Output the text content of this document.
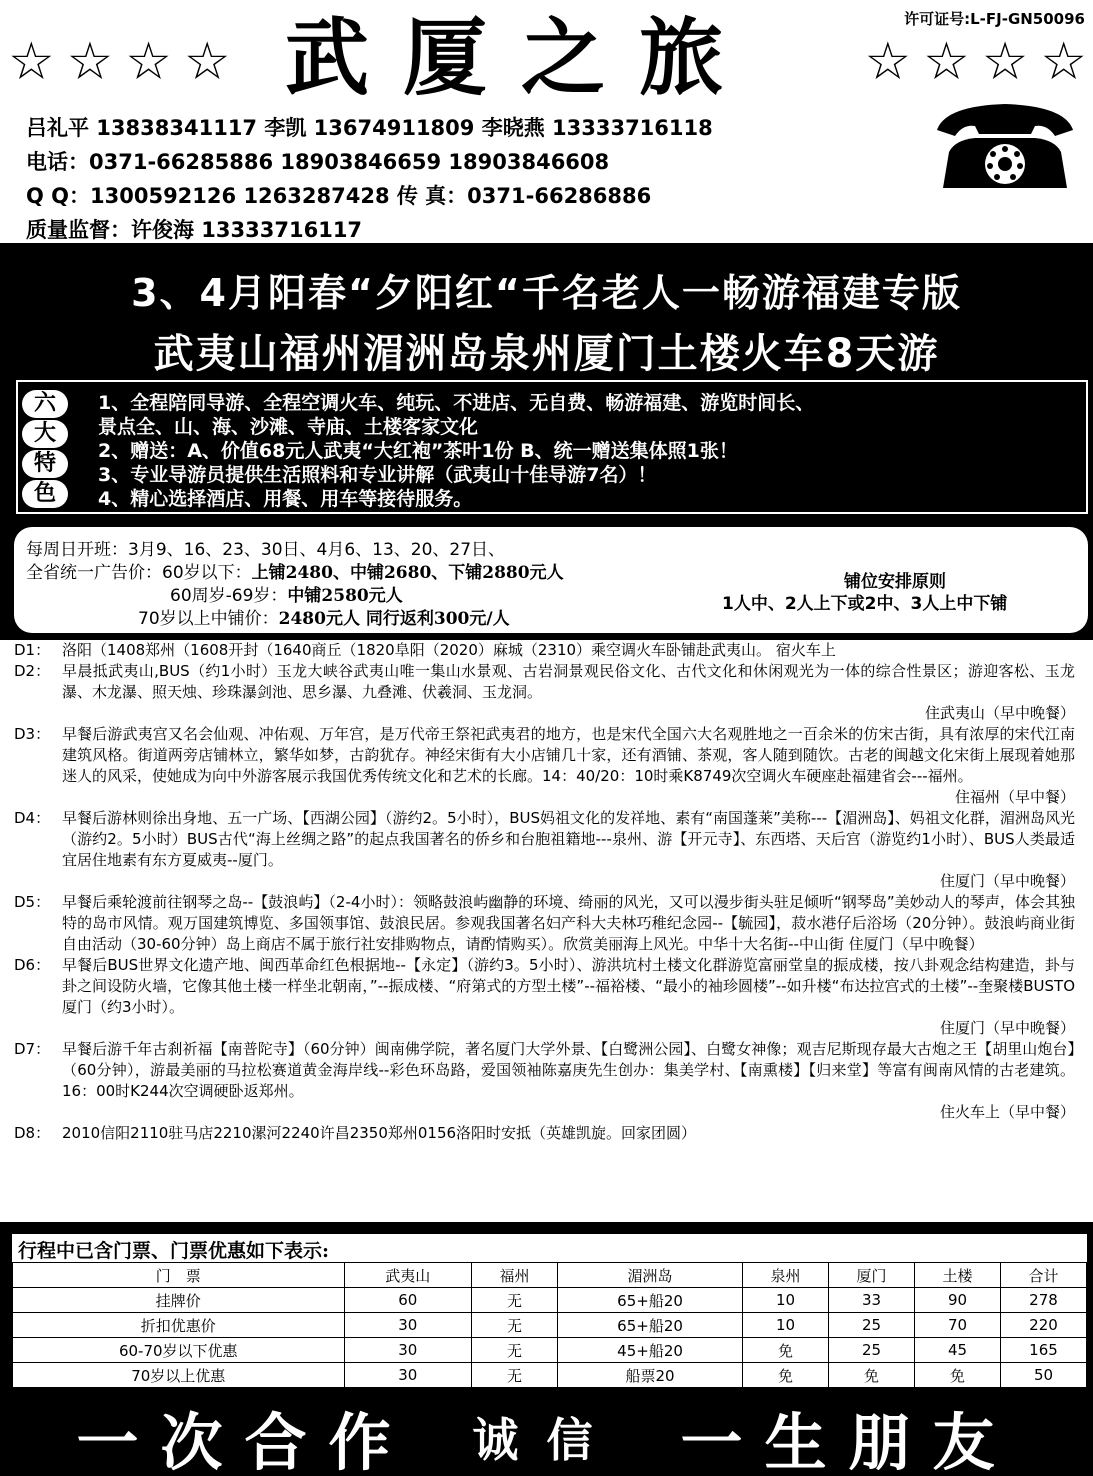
许可证号:L-FJ-GN50096
☆ ☆ ☆ ☆ 武厦之旅 ☆ ☆ ☆ ☆
吕礼平 13838341117 李凯 13674911809 李晓燕 13333716118
电话：0371-66285886 18903846659 18903846608
Q Q：1300592126 1263287428 传 真：0371-66286886
质量监督：许俊海 13333716117
3、4月阳春“夕阳红“千名老人一畅游福建专版
武夷山福州湄洲岛泉州厦门土楼火车8天游
六
大
特
色
1、全程陪同导游、全程空调火车、纯玩、不进店、无自费、畅游福建、游览时间长、
景点全、山、海、沙滩、寺庙、土楼客家文化
2、赠送：A、价值68元人武夷“大红袍”茶叶1份 B、统一赠送集体照1张！
3、专业导游员提供生活照料和专业讲解（武夷山十佳导游7名）！
4、精心选择酒店、用餐、用车等接待服务。
每周日开班：3月9、16、23、30日、4月6、13、20、27日、
全省统一广告价：60岁以下：上铺2480、中铺2680、下铺2880元人
60周岁-69岁：中铺2580元人
70岁以上中铺价：2480元人 同行返利300元/人
铺位安排原则
1人中、2人上下或2中、3人上中下铺
D1： 洛阳（1408郑州（1608开封（1640商丘（1820阜阳（2020）麻城（2310）乘空调火车卧铺赴武夷山。 宿火车上
D2： 早晨抵武夷山,BUS（约1小时）玉龙大峡谷武夷山唯一集山水景观、古岩洞景观民俗文化、古代文化和休闲观光为一体的综合性景区；游迎客松、玉龙瀑、木龙瀑、照天烛、珍珠瀑剑池、思乡瀑、九叠滩、伏羲洞、玉龙洞。
住武夷山（早中晚餐）
D3： 早餐后游武夷宫又名会仙观、冲佑观、万年宫，是万代帝王祭祀武夷君的地方，也是宋代全国六大名观胜地之一百余米的仿宋古街，具有浓厚的宋代江南建筑风格。街道两旁店铺林立，繁华如梦，古韵犹存。神经宋街有大小店铺几十家，还有酒铺、茶观，客人随到随饮。古老的闽越文化宋街上展现着她那迷人的风采，使她成为向中外游客展示我国优秀传统文化和艺术的长廊。14：40/20：10时乘K8749次空调火车硬座赴福建省会---福州。
住福州（早中餐）
D4： 早餐后游林则徐出身地、五一广场、【西湖公园】（游约2。5小时），BUS妈祖文化的发祥地、素有“南国蓬莱”美称---【湄洲岛】、妈祖文化群，湄洲岛风光（游约2。5小时）BUS古代“海上丝绸之路”的起点我国著名的侨乡和台胞祖籍地---泉州、游【开元寺】、东西塔、天后宫（游览约1小时）、BUS人类最适宜居住地素有东方夏威夷--厦门。
住厦门（早中晚餐）
D5： 早餐后乘轮渡前往钢琴之岛--【鼓浪屿】（2-4小时）：领略鼓浪屿幽静的环境、绮丽的风光，又可以漫步街头驻足倾听“钢琴岛”美妙动人的琴声，体会其独特的岛市风情。观万国建筑博览、多国领事馆、鼓浪民居。参观我国著名妇产科大夫林巧稚纪念园--【毓园】，菽水港仔后浴场（20分钟）。鼓浪屿商业街自由活动（30-60分钟）岛上商店不属于旅行社安排购物点，请酌情购买）。欣赏美丽海上风光。中华十大名街--中山街 住厦门（早中晚餐）
D6： 早餐后BUS世界文化遗产地、闽西革命红色根据地--【永定】（游约3。5小时）、游洪坑村土楼文化群游览富丽堂皇的振成楼，按八卦观念结构建造，卦与卦之间设防火墙，它像其他土楼一样坐北朝南，”--振成楼、“府第式的方型土楼”--福裕楼、“最小的袖珍圆楼”--如升楼“布达拉宫式的土楼”--奎聚楼BUSTO厦门（约3小时）。
住厦门（早中晚餐）
D7： 早餐后游千年古刹祈福【南普陀寺】（60分钟）闽南佛学院，著名厦门大学外景、【白鹭洲公园】、白鹭女神像；观吉尼斯现存最大古炮之王【胡里山炮台】（60分钟），游最美丽的马拉松赛道黄金海岸线--彩色环岛路，爱国领袖陈嘉庚先生创办：集美学村、【南熏楼】【归来堂】等富有闽南风情的古老建筑。16：00时K244次空调硬卧返郑州。
住火车上（早中餐）
D8： 2010信阳2110驻马店2210漯河2240许昌2350郑州0156洛阳时安抵（英雄凯旋。回家团圆）
行程中已含门票、门票优惠如下表示:
门　票	武夷山	福州	湄洲岛	泉州	厦门	土楼	合计
挂牌价	60	无	65+船20	10	33	90	278
折扣优惠价	30	无	65+船20	10	25	70	220
60-70岁以下优惠	30	无	45+船20	免	25	45	165
70岁以上优惠	30	无	船票20	免	免	免	50
一次合作 诚信 一生朋友
